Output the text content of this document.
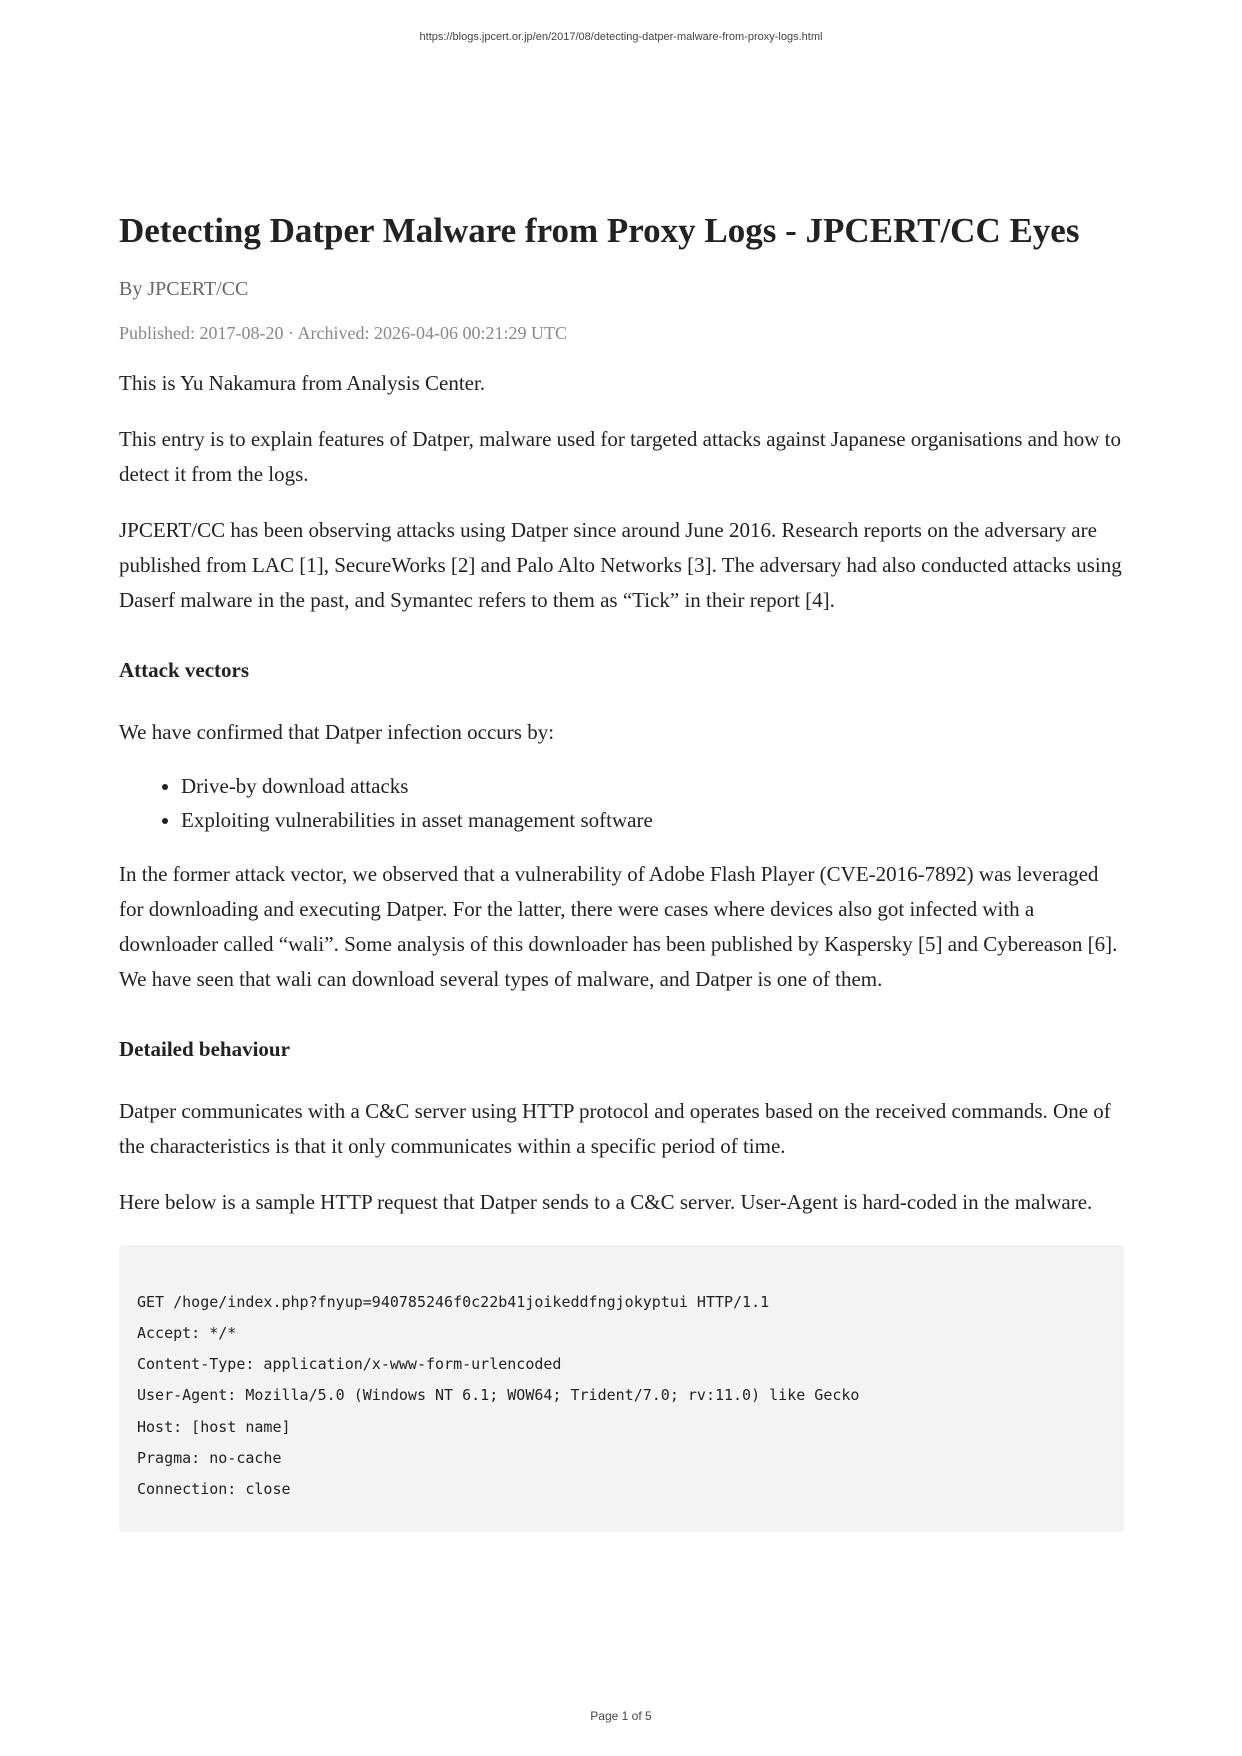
https://blogs.jpcert.or.jp/en/2017/08/detecting-datper-malware-from-proxy-logs.html
Detecting Datper Malware from Proxy Logs - JPCERT/CC Eyes
By JPCERT/CC
Published: 2017-08-20 · Archived: 2026-04-06 00:21:29 UTC

This is Yu Nakamura from Analysis Center.

This entry is to explain features of Datper, malware used for targeted attacks against Japanese organisations and how to detect it from the logs.

JPCERT/CC has been observing attacks using Datper since around June 2016. Research reports on the adversary are published from LAC [1], SecureWorks [2] and Palo Alto Networks [3]. The adversary had also conducted attacks using Daserf malware in the past, and Symantec refers to them as “Tick” in their report [4].

Attack vectors

We have confirmed that Datper infection occurs by:

• Drive-by download attacks
• Exploiting vulnerabilities in asset management software

In the former attack vector, we observed that a vulnerability of Adobe Flash Player (CVE-2016-7892) was leveraged for downloading and executing Datper. For the latter, there were cases where devices also got infected with a downloader called “wali”. Some analysis of this downloader has been published by Kaspersky [5] and Cybereason [6]. We have seen that wali can download several types of malware, and Datper is one of them.

Detailed behaviour

Datper communicates with a C&C server using HTTP protocol and operates based on the received commands. One of the characteristics is that it only communicates within a specific period of time.

Here below is a sample HTTP request that Datper sends to a C&C server. User-Agent is hard-coded in the malware.

GET /hoge/index.php?fnyup=940785246f0c22b41joikeddfngjokyptui HTTP/1.1
Accept: */*
Content-Type: application/x-www-form-urlencoded
User-Agent: Mozilla/5.0 (Windows NT 6.1; WOW64; Trident/7.0; rv:11.0) like Gecko
Host: [host name]
Pragma: no-cache
Connection: close
Page 1 of 5
